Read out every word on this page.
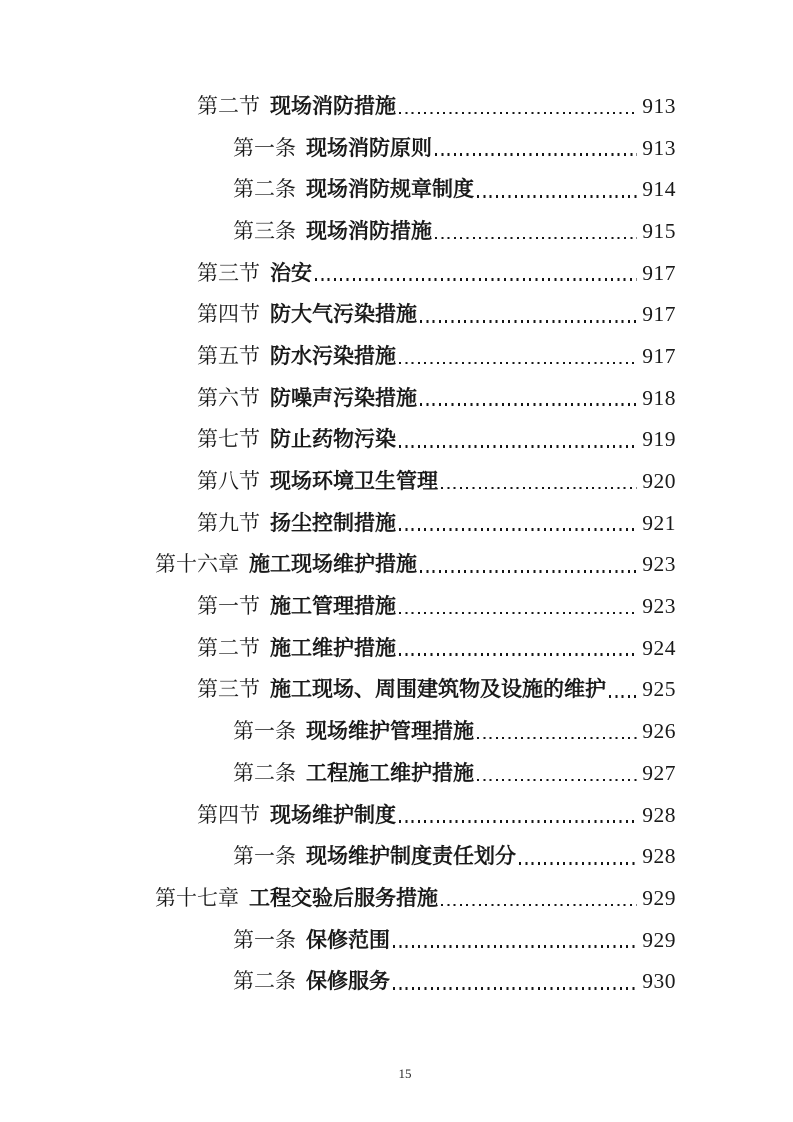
第二节 现场消防措施	913
第一条 现场消防原则	913
第二条 现场消防规章制度	914
第三条 现场消防措施	915
第三节 治安	917
第四节 防大气污染措施	917
第五节 防水污染措施	917
第六节 防噪声污染措施	918
第七节 防止药物污染	919
第八节 现场环境卫生管理	920
第九节 扬尘控制措施	921
第十六章 施工现场维护措施	923
第一节 施工管理措施	923
第二节 施工维护措施	924
第三节 施工现场、周围建筑物及设施的维护 925
第一条 现场维护管理措施	926
第二条 工程施工维护措施	927
第四节 现场维护制度	928
第一条 现场维护制度责任划分	928
第十七章 工程交验后服务措施	929
第一条 保修范围	929
第二条 保修服务	930
15
